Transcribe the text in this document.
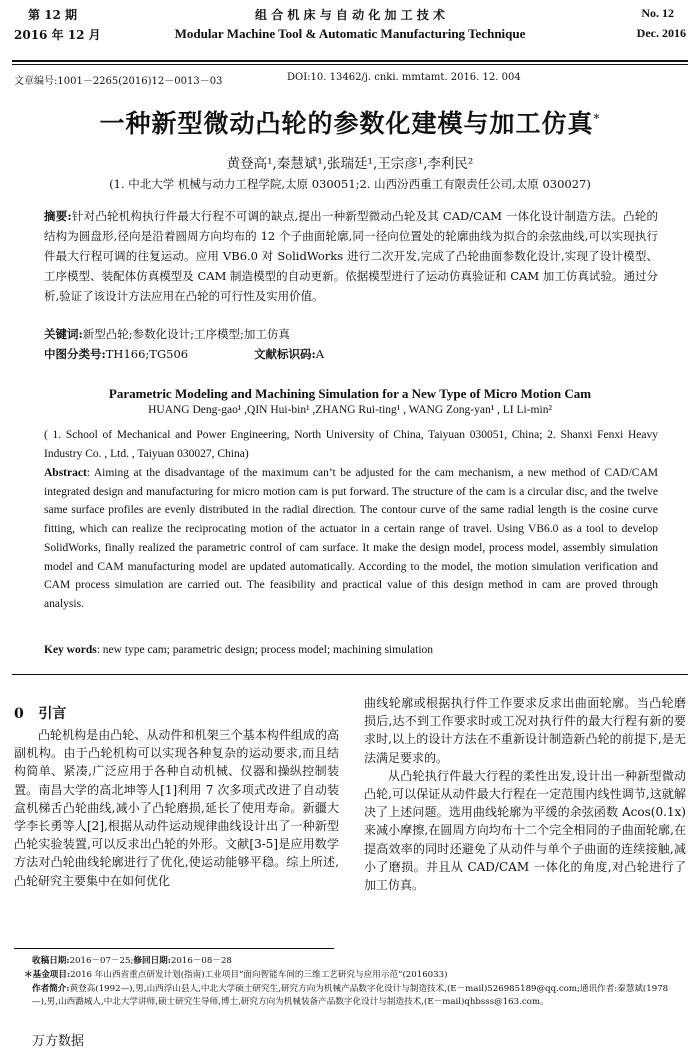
第 12 期
2016 年 12 月
组 合 机 床 与 自 动 化 加 工 技 术
Modular Machine Tool & Automatic Manufacturing Technique
No. 12
Dec. 2016
文章编号:1001－2265(2016)12－0013－03	DOI:10. 13462/j. cnki. mmtamt. 2016. 12. 004
一种新型微动凸轮的参数化建模与加工仿真*
黄登高¹,秦慧斌¹,张瑞廷¹,王宗彦¹,李利民²
(1. 中北大学 机械与动力工程学院,太原 030051;2. 山西汾西重工有限责任公司,太原 030027)
摘要:针对凸轮机构执行件最大行程不可调的缺点,提出一种新型微动凸轮及其 CAD/CAM 一体化设计制造方法。凸轮的结构为圆盘形,径向是沿着圆周方向均布的 12 个子曲面轮廓,同一径向位置处的轮廓曲线为拟合的余弦曲线,可以实现执行件最大行程可调的往复运动。应用 VB6.0 对 SolidWorks 进行二次开发,完成了凸轮曲面参数化设计,实现了设计模型、工序模型、装配体仿真模型及 CAM 制造模型的自动更新。依据模型进行了运动仿真验证和 CAM 加工仿真试验。通过分析,验证了该设计方法应用在凸轮的可行性及实用价值。
关键词:新型凸轮;参数化设计;工序模型;加工仿真
中图分类号:TH166;TG506	文献标识码:A
Parametric Modeling and Machining Simulation for a New Type of Micro Motion Cam
HUANG Deng-gao¹ ,QIN Hui-bin¹ ,ZHANG Rui-ting¹ , WANG Zong-yan¹ , LI Li-min²
( 1. School of Mechanical and Power Engineering, North University of China, Taiyuan 030051, China; 2. Shanxi Fenxi Heavy Industry Co. , Ltd. , Taiyuan 030027, China)
Abstract: Aiming at the disadvantage of the maximum can’t be adjusted for the cam mechanism, a new method of CAD/CAM integrated design and manufacturing for micro motion cam is put forward. The structure of the cam is a circular disc, and the twelve same surface profiles are evenly distributed in the radial direction. The contour curve of the same radial length is the cosine curve fitting, which can realize the reciprocating motion of the actuator in a certain range of travel. Using VB6.0 as a tool to develop SolidWorks, finally realized the parametric control of cam surface. It make the design model, process model, assembly simulation model and CAM manufacturing model are updated automatically. According to the model, the motion simulation verification and CAM process simulation are carried out. The feasibility and practical value of this design method in cam are proved through analysis.
Key words: new type cam; parametric design; process model; machining simulation
0 引言

凸轮机构是由凸轮、从动件和机架三个基本构件组成的高副机构。由于凸轮机构可以实现各种复杂的运动要求,而且结构简单、紧凑,广泛应用于各种自动机械、仪器和操纵控制装置。南昌大学的高北坤等人[1]利用 7 次多项式改进了自动装盒机梯舌凸轮曲线,减小了凸轮磨损,延长了使用寿命。新疆大学李长勇等人[2],根据从动件运动规律曲线设计出了一种新型凸轮实验装置,可以反求出凸轮的外形。文献[3-5]是应用数学方法对凸轮曲线轮廓进行了优化,使运动能够平稳。综上所述,凸轮研究主要集中在如何优化

曲线轮廓或根据执行件工作要求反求出曲面轮廓。当凸轮磨损后,达不到工作要求时或工况对执行件的最大行程有新的要求时,以上的设计方法在不重新设计制造新凸轮的前提下,是无法满足要求的。

从凸轮执行件最大行程的柔性出发,设计出一种新型微动凸轮,可以保证从动件最大行程在一定范围内线性调节,这就解决了上述问题。选用曲线轮廓为平缓的余弦函数 Acos(0.1x)来减小摩擦,在圆周方向均布十二个完全相同的子曲面轮廓,在提高效率的同时还避免了从动件与单个子曲面的连续接触,减小了磨损。并且从 CAD/CAM 一体化的角度,对凸轮进行了加工仿真。

收稿日期:2016－07－25;修回日期:2016－08－28
＊基金项目:2016 年山西省重点研发计划(指南)工业项目“面向智能车间的三维工艺研究与应用示范”(2016033)
作者简介:黄登高(1992—),男,山西浮山县人,中北大学硕士研究生,研究方向为机械产品数字化设计与制造技术,(E－mail)526985189@qq.com;通讯作者:秦慧斌(1978—),男,山西潞城人,中北大学讲师,硕士研究生导师,博士,研究方向为机械装备产品数字化设计与制造技术,(E－mail)qhbsss@163.com。
万方数据
